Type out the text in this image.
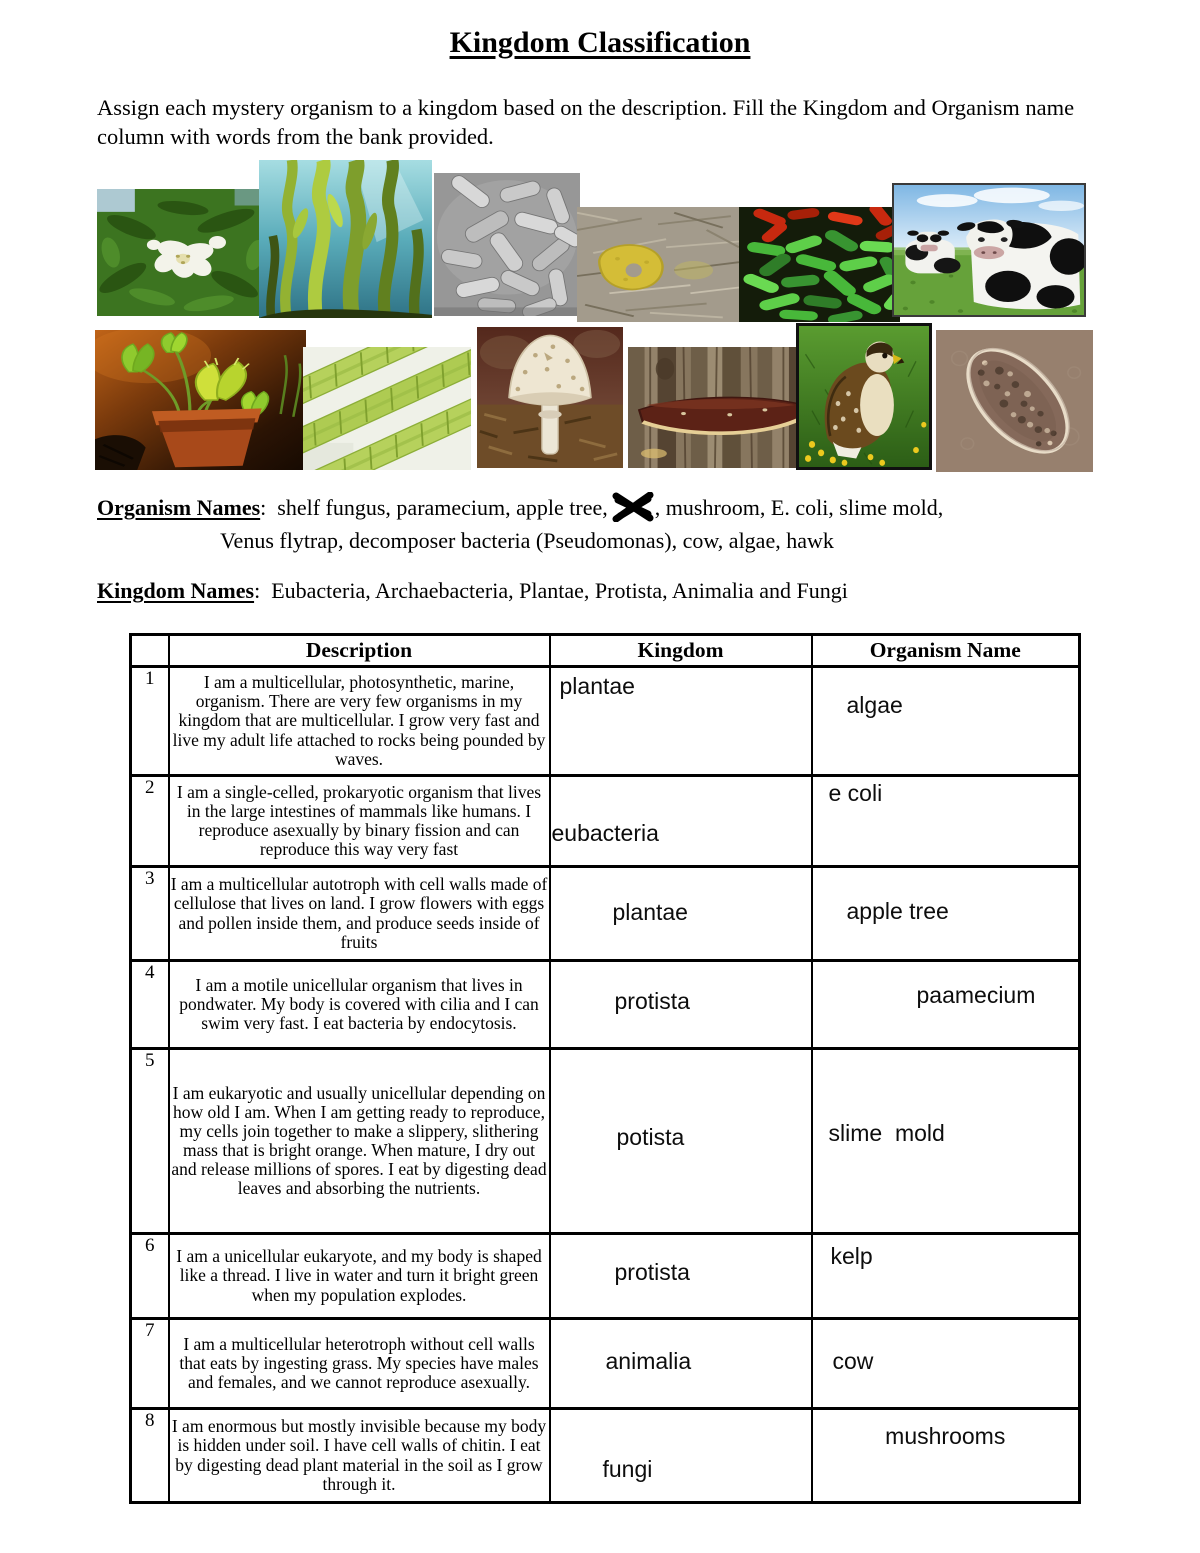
Kingdom Classification

Assign each mystery organism to a kingdom based on the description. Fill the Kingdom and Organism name column with words from the bank provided.

Organism Names: shelf fungus, paramecium, apple tree, , mushroom, E. coli, slime mold,
Venus flytrap, decomposer bacteria (Pseudomonas), cow, algae, hawk
Kingdom Names: Eubacteria, Archaebacteria, Plantae, Protista, Animalia and Fungi
	Description	Kingdom	Organism Name
1	I am a multicellular, photosynthetic, marine, organism. There are very few organisms in my kingdom that are multicellular. I grow very fast and live my adult life attached to rocks being pounded by waves.	plantae	algae

2	I am a single-celled, prokaryotic organism that lives in the large intestines of mammals like humans. I reproduce asexually by binary fission and can reproduce this way very fast	eubacteria	e coli

3	I am a multicellular autotroph with cell walls made of cellulose that lives on land. I grow flowers with eggs and pollen inside them, and produce seeds inside of fruits	plantae	apple tree

4	I am a motile unicellular organism that lives in pondwater. My body is covered with cilia and I can swim very fast. I eat bacteria by endocytosis.	protista	paamecium

5	I am eukaryotic and usually unicellular depending on how old I am. When I am getting ready to reproduce, my cells join together to make a slippery, slithering mass that is bright orange. When mature, I dry out and release millions of spores. I eat by digesting dead leaves and absorbing the nutrients.	potista	slime  mold

6	I am a unicellular eukaryote, and my body is shaped like a thread. I live in water and turn it bright green when my population explodes.	protista	kelp

7	I am a multicellular heterotroph without cell walls that eats by ingesting grass. My species have males and females, and we cannot reproduce asexually.	animalia	cow

8	I am enormous but mostly invisible because my body is hidden under soil. I have cell walls of chitin. I eat by digesting dead plant material in the soil as I grow through it.	fungi	mushrooms
